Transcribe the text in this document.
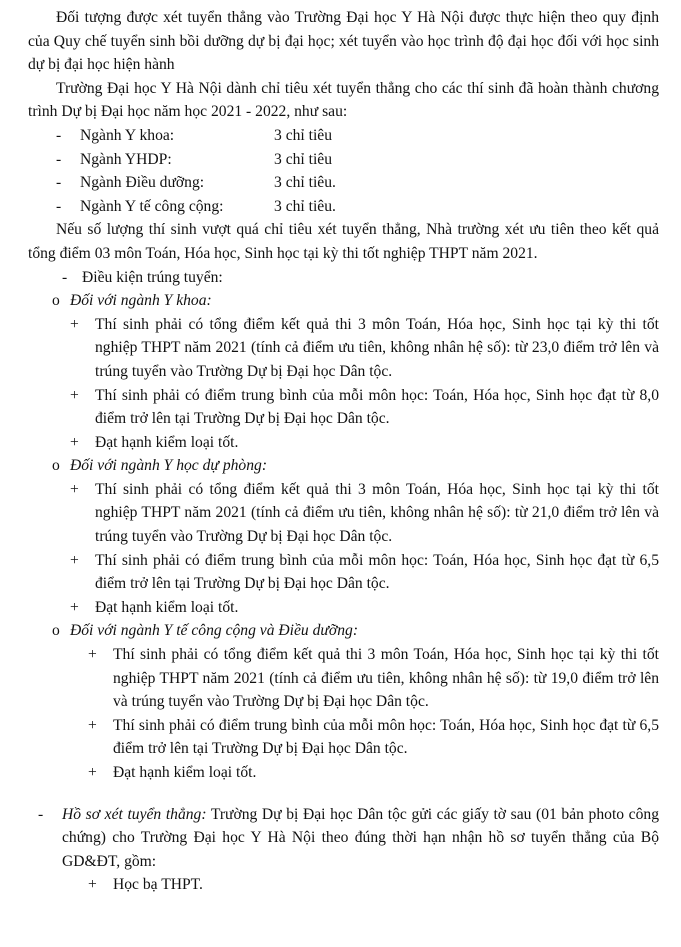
Đối tượng được xét tuyển thẳng vào Trường Đại học Y Hà Nội được thực hiện theo quy định của Quy chế tuyển sinh bồi dưỡng dự bị đại học; xét tuyển vào học trình độ đại học đối với học sinh dự bị đại học hiện hành

Trường Đại học Y Hà Nội dành chỉ tiêu xét tuyển thẳng cho các thí sinh đã hoàn thành chương trình Dự bị Đại học năm học 2021 - 2022, như sau:

-	Ngành Y khoa:	3 chỉ tiêu
-	Ngành YHDP:	3 chỉ tiêu
-	Ngành Điều dưỡng:	3 chỉ tiêu.
-	Ngành Y tế công cộng:	3 chỉ tiêu.

Nếu số lượng thí sinh vượt quá chỉ tiêu xét tuyển thẳng, Nhà trường xét ưu tiên theo kết quả tổng điểm 03 môn Toán, Hóa học, Sinh học tại kỳ thi tốt nghiệp THPT năm 2021.

- Điều kiện trúng tuyển:
o Đối với ngành Y khoa:
+	Thí sinh phải có tổng điểm kết quả thi 3 môn Toán, Hóa học, Sinh học tại kỳ thi tốt nghiệp THPT năm 2021 (tính cả điểm ưu tiên, không nhân hệ số): từ 23,0 điểm trở lên và trúng tuyển vào Trường Dự bị Đại học Dân tộc.
+	Thí sinh phải có điểm trung bình của mỗi môn học: Toán, Hóa học, Sinh học đạt từ 8,0 điểm trở lên tại Trường Dự bị Đại học Dân tộc.
+	Đạt hạnh kiểm loại tốt.
o Đối với ngành Y học dự phòng:
+	Thí sinh phải có tổng điểm kết quả thi 3 môn Toán, Hóa học, Sinh học tại kỳ thi tốt nghiệp THPT năm 2021 (tính cả điểm ưu tiên, không nhân hệ số): từ 21,0 điểm trở lên và trúng tuyển vào Trường Dự bị Đại học Dân tộc.
+	Thí sinh phải có điểm trung bình của mỗi môn học: Toán, Hóa học, Sinh học đạt từ 6,5 điểm trở lên tại Trường Dự bị Đại học Dân tộc.
+	Đạt hạnh kiểm loại tốt.
o Đối với ngành Y tế công cộng và Điều dưỡng:
+	Thí sinh phải có tổng điểm kết quả thi 3 môn Toán, Hóa học, Sinh học tại kỳ thi tốt nghiệp THPT năm 2021 (tính cả điểm ưu tiên, không nhân hệ số): từ 19,0 điểm trở lên và trúng tuyển vào Trường Dự bị Đại học Dân tộc.
+	Thí sinh phải có điểm trung bình của mỗi môn học: Toán, Hóa học, Sinh học đạt từ 6,5 điểm trở lên tại Trường Dự bị Đại học Dân tộc.
+	Đạt hạnh kiểm loại tốt.
-	Hồ sơ xét tuyển thẳng: Trường Dự bị Đại học Dân tộc gửi các giấy tờ sau (01 bản photo công chứng) cho Trường Đại học Y Hà Nội theo đúng thời hạn nhận hồ sơ tuyển thẳng của Bộ GD&ĐT, gồm:
+	Học bạ THPT.
